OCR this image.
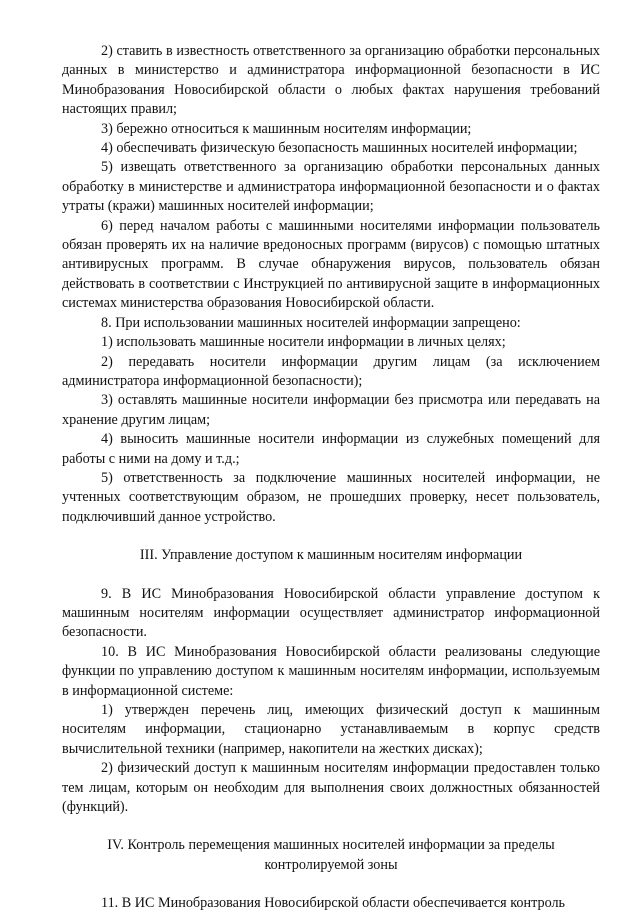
2) ставить в известность ответственного за организацию обработки персональных данных в министерство и администратора информационной безопасности в ИС Минобразования Новосибирской области о любых фактах нарушения требований настоящих правил;

3) бережно относиться к машинным носителям информации;

4) обеспечивать физическую безопасность машинных носителей информации;

5) извещать ответственного за организацию обработки персональных данных обработку в министерстве и администратора информационной безопасности и о фактах утраты (кражи) машинных носителей информации;

6) перед началом работы с машинными носителями информации пользователь обязан проверять их на наличие вредоносных программ (вирусов) с помощью штатных антивирусных программ. В случае обнаружения вирусов, пользователь обязан действовать в соответствии с Инструкцией по антивирусной защите в информационных системах министерства образования Новосибирской области.

8. При использовании машинных носителей информации запрещено:

1) использовать машинные носители информации в личных целях;

2) передавать носители информации другим лицам (за исключением администратора информационной безопасности);

3) оставлять машинные носители информации без присмотра или передавать на хранение другим лицам;

4) выносить машинные носители информации из служебных помещений для работы с ними на дому и т.д.;

5) ответственность за подключение машинных носителей информации, не учтенных соответствующим образом, не прошедших проверку, несет пользователь, подключивший данное устройство.

III. Управление доступом к машинным носителям информации

9. В ИС Минобразования Новосибирской области управление доступом к машинным носителям информации осуществляет администратор информационной безопасности.

10. В ИС Минобразования Новосибирской области реализованы следующие функции по управлению доступом к машинным носителям информации, используемым в информационной системе:

1) утвержден перечень лиц, имеющих физический доступ к машинным носителям информации, стационарно устанавливаемым в корпус средств вычислительной техники (например, накопители на жестких дисках);

2) физический доступ к машинным носителям информации предоставлен только тем лицам, которым он необходим для выполнения своих должностных обязанностей (функций).

IV. Контроль перемещения машинных носителей информации за пределы
контролируемой зоны

11. В ИС Минобразования Новосибирской области обеспечивается контроль
